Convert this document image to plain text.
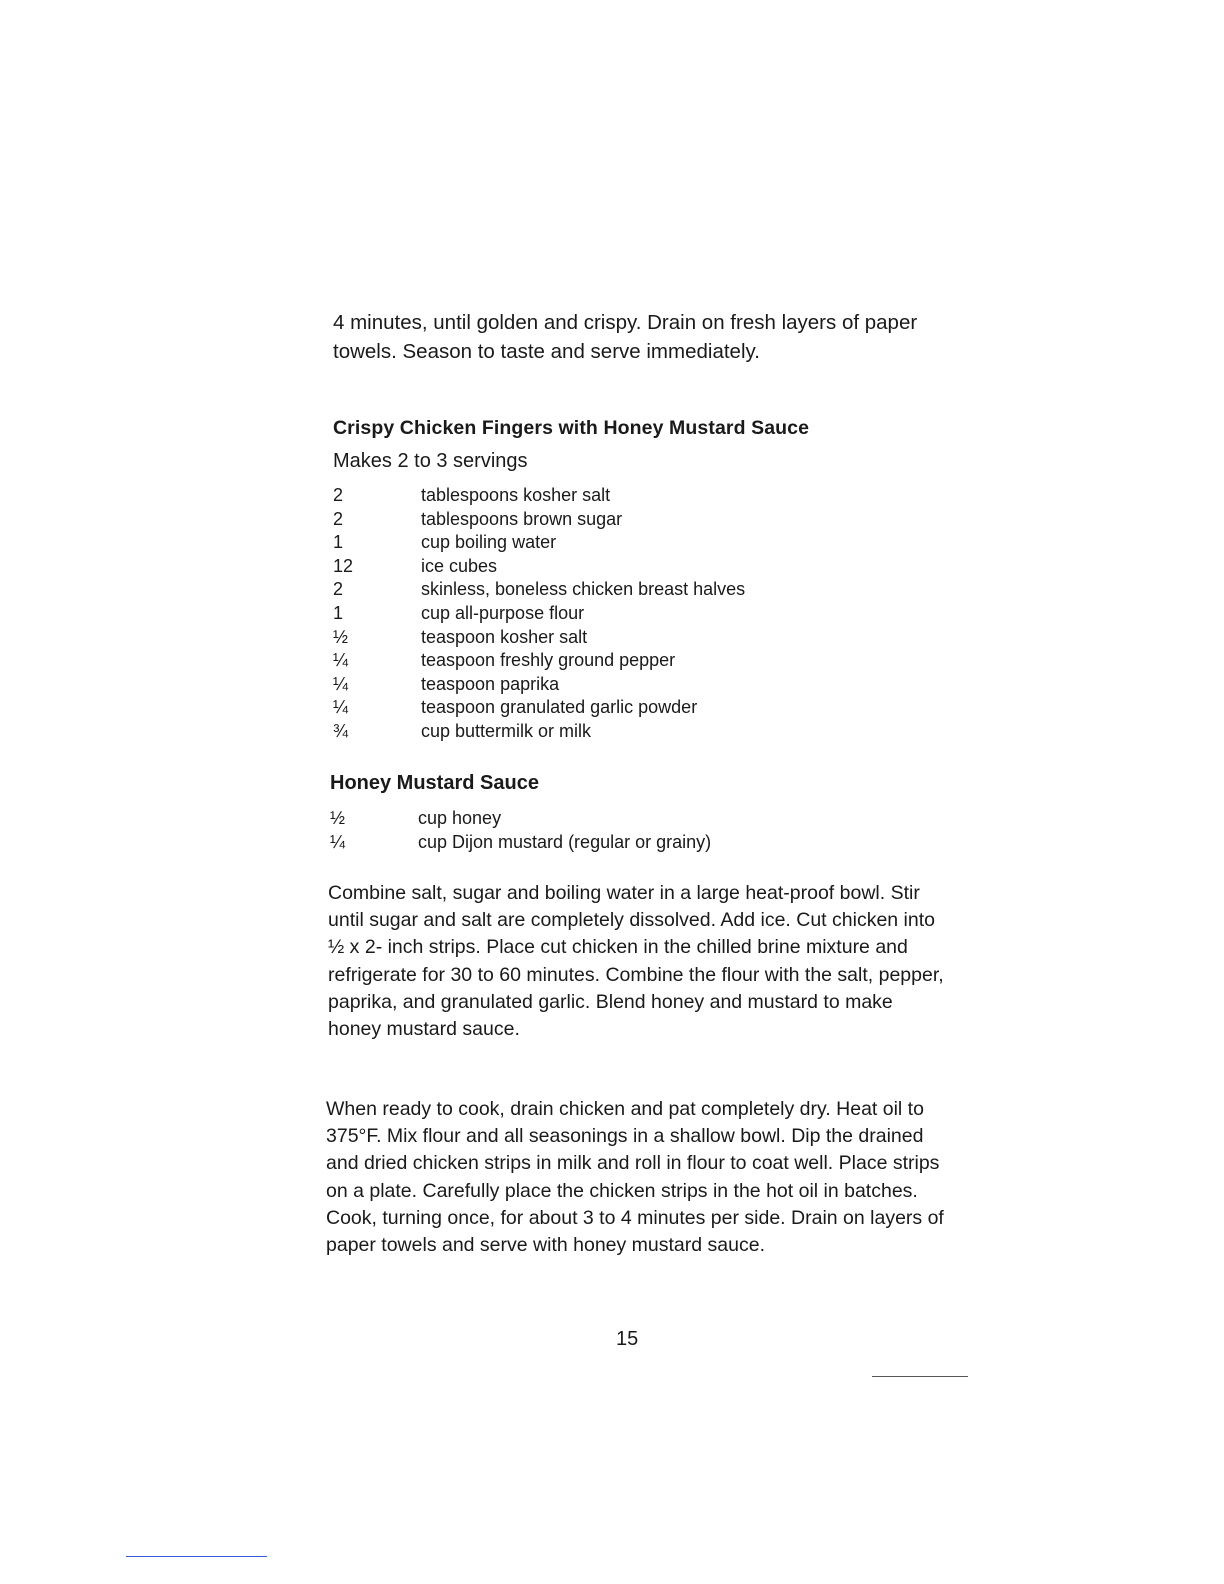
4 minutes, until golden and crispy. Drain on fresh layers of paper towels. Season to taste and serve immediately.

Crispy Chicken Fingers with Honey Mustard Sauce

Makes 2 to 3 servings

2	tablespoons kosher salt
2	tablespoons brown sugar
1	cup boiling water
12	ice cubes
2	skinless, boneless chicken breast halves
1	cup all-purpose flour
½	teaspoon kosher salt
¼	teaspoon freshly ground pepper
¼	teaspoon paprika
¼	teaspoon granulated garlic powder
¾	cup buttermilk or milk
Honey Mustard Sauce
½	cup honey
¼	cup Dijon mustard (regular or grainy)

Combine salt, sugar and boiling water in a large heat-proof bowl. Stir until sugar and salt are completely dissolved. Add ice. Cut chicken into ½ x 2- inch strips. Place cut chicken in the chilled brine mixture and refrigerate for 30 to 60 minutes. Combine the flour with the salt, pepper, paprika, and granulated garlic. Blend honey and mustard to make honey mustard sauce.

When ready to cook, drain chicken and pat completely dry. Heat oil to 375°F. Mix flour and all seasonings in a shallow bowl. Dip the drained and dried chicken strips in milk and roll in flour to coat well. Place strips on a plate. Carefully place the chicken strips in the hot oil in batches. Cook, turning once, for about 3 to 4 minutes per side. Drain on layers of paper towels and serve with honey mustard sauce.

15
